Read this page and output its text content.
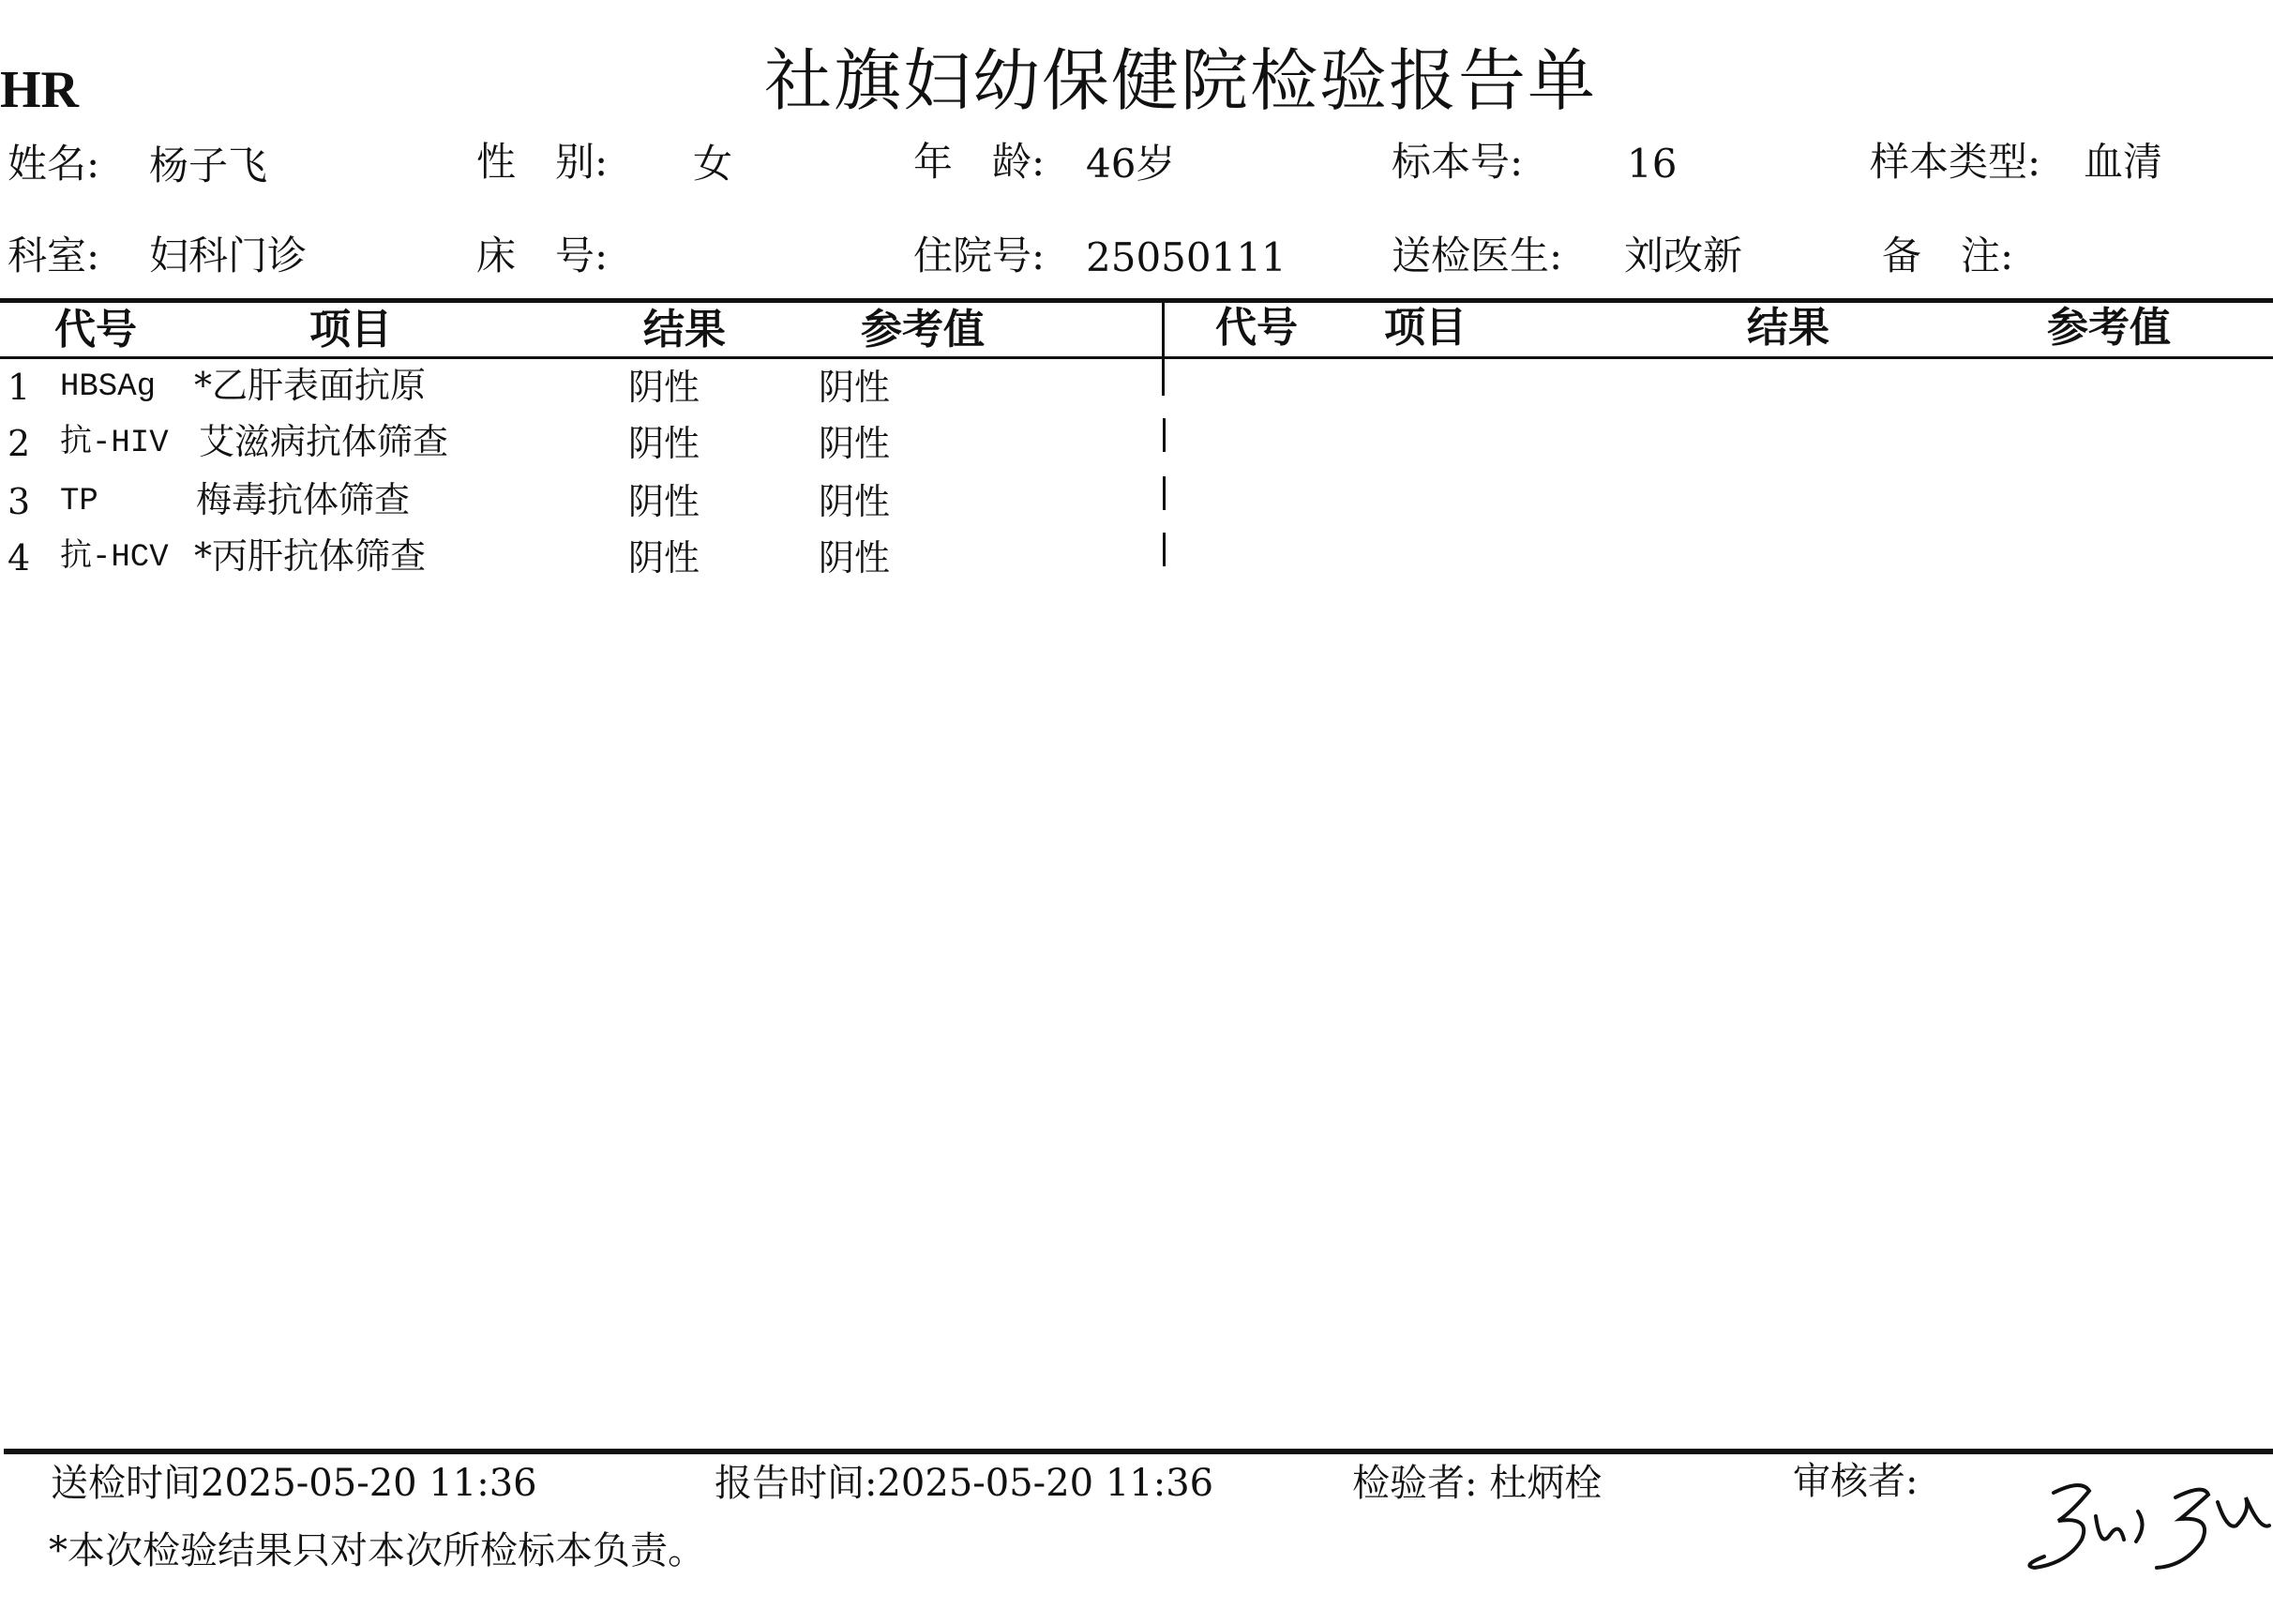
HR	社旗妇幼保健院检验报告单
姓名: 杨子飞	性　别: 女	年　龄: 46岁	标本号:	16	样本类型: 血清
科室: 妇科门诊	床　号:	住院号: 25050111	送检医生: 刘改新	备　注:
代号	项目	结果	参考值	代号 项目	结果	参考值
1 HBSAg *乙肝表面抗原	阴性	阴性
2 抗-HIV 艾滋病抗体筛查	阴性	阴性
3 TP	梅毒抗体筛查	阴性	阴性
4 抗-HCV *丙肝抗体筛查	阴性	阴性
送检时间2025-05-20 11:36	报告时间:2025-05-20 11:36	检验者: 杜炳栓	审核者:
*本次检验结果只对本次所检标本负责。
